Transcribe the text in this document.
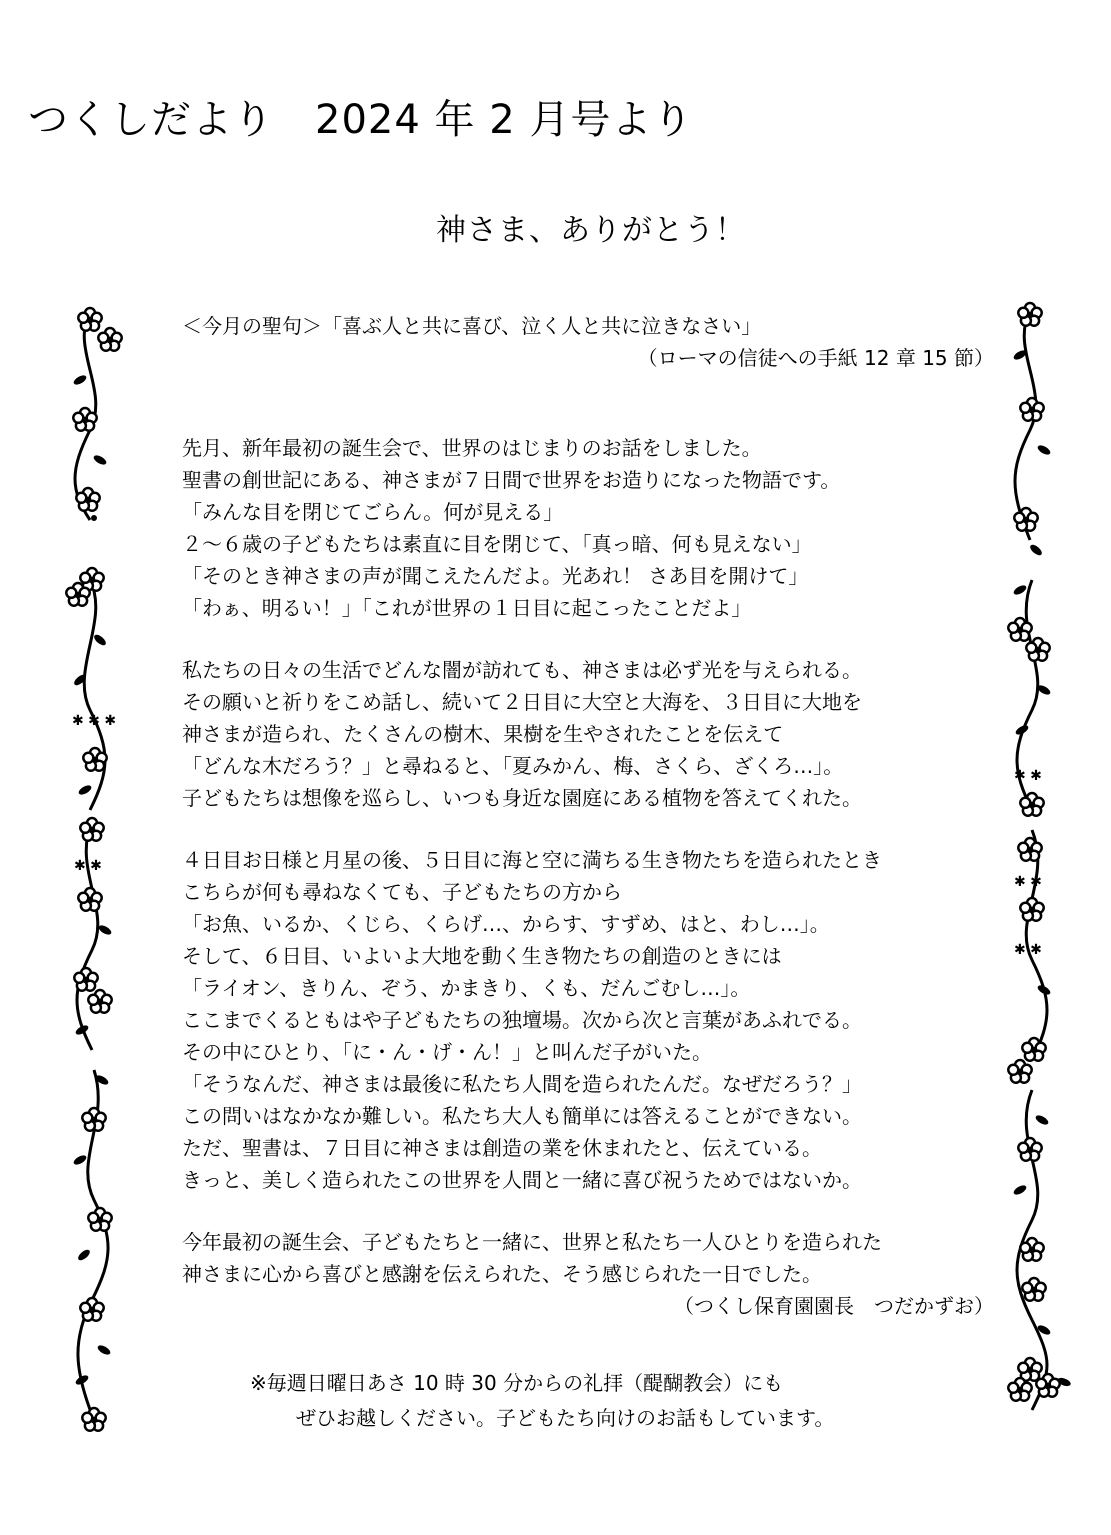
つくしだより　2024 年 2 月号より
神さま、ありがとう！
✱ ✱ ✱
✱ ✱
✱ ✱
✱ ✱
✱ ✱
＜今月の聖句＞「喜ぶ人と共に喜び、泣く人と共に泣きなさい」
（ローマの信徒への手紙 12 章 15 節）
先月、新年最初の誕生会で、世界のはじまりのお話をしました。
聖書の創世記にある、神さまが７日間で世界をお造りになった物語です。
「みんな目を閉じてごらん。何が見える」
２～６歳の子どもたちは素直に目を閉じて、「真っ暗、何も見えない」
「そのとき神さまの声が聞こえたんだよ。光あれ！ さあ目を開けて」
「わぁ、明るい！」「これが世界の１日目に起こったことだよ」
私たちの日々の生活でどんな闇が訪れても、神さまは必ず光を与えられる。
その願いと祈りをこめ話し、続いて２日目に大空と大海を、３日目に大地を
神さまが造られ、たくさんの樹木、果樹を生やされたことを伝えて
「どんな木だろう？」と尋ねると、「夏みかん、梅、さくら、ざくろ…」。
子どもたちは想像を巡らし、いつも身近な園庭にある植物を答えてくれた。
４日目お日様と月星の後、５日目に海と空に満ちる生き物たちを造られたとき
こちらが何も尋ねなくても、子どもたちの方から
「お魚、いるか、くじら、くらげ…、からす、すずめ、はと、わし…」。
そして、６日目、いよいよ大地を動く生き物たちの創造のときには
「ライオン、きりん、ぞう、かまきり、くも、だんごむし…」。
ここまでくるともはや子どもたちの独壇場。次から次と言葉があふれでる。
その中にひとり、「に・ん・げ・ん！」と叫んだ子がいた。
「そうなんだ、神さまは最後に私たち人間を造られたんだ。なぜだろう？」
この問いはなかなか難しい。私たち大人も簡単には答えることができない。
ただ、聖書は、７日目に神さまは創造の業を休まれたと、伝えている。
きっと、美しく造られたこの世界を人間と一緒に喜び祝うためではないか。
今年最初の誕生会、子どもたちと一緒に、世界と私たち一人ひとりを造られた
神さまに心から喜びと感謝を伝えられた、そう感じられた一日でした。
（つくし保育園園長　つだかずお）
※毎週日曜日あさ 10 時 30 分からの礼拝（醍醐教会）にも
ぜひお越しください。子どもたち向けのお話もしています。
